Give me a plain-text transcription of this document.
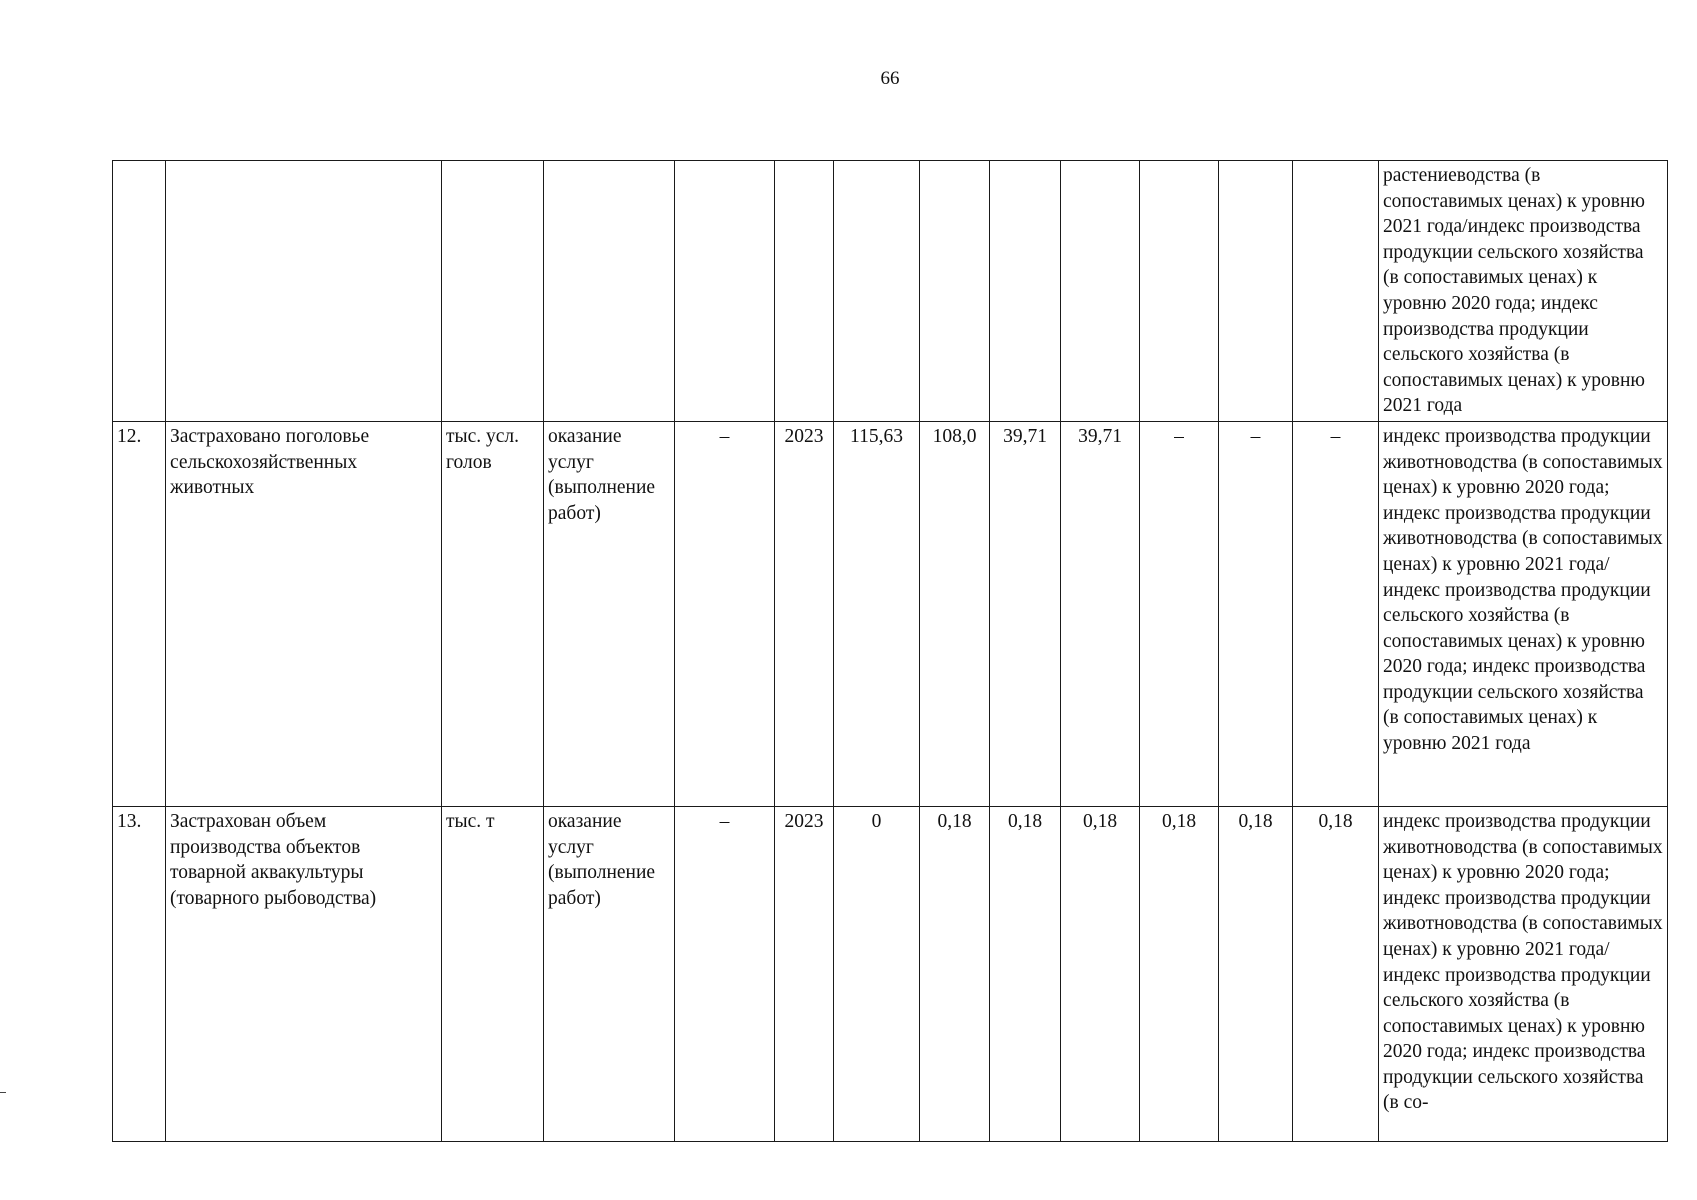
66
													растениеводства (в сопоставимых ценах) к уровню 2021 года/индекс производства продукции сельского хозяйства (в сопоставимых ценах) к уровню 2020 года; индекс производства продукции сельского хозяйства (в сопоставимых ценах) к уровню 2021 года
12.	Застраховано поголовье сельскохозяйственных животных	тыс. усл. голов	оказание услуг (выполнение работ)	–	2023	115,63	108,0	39,71	39,71	–	–	–	индекс производства продукции животноводства (в сопоставимых ценах) к уровню 2020 года; индекс производства продукции животноводства (в сопоставимых ценах) к уровню 2021 года/индекс производства продукции сельского хозяйства (в сопоставимых ценах) к уровню 2020 года; индекс производства продукции сельского хозяйства (в сопоставимых ценах) к уровню 2021 года
13.	Застрахован объем производства объектов товарной аквакультуры (товарного рыбоводства)	тыс. т	оказание услуг (выполнение работ)	–	2023	0	0,18	0,18	0,18	0,18	0,18	0,18	индекс производства продукции животноводства (в сопоставимых ценах) к уровню 2020 года; индекс производства продукции животноводства (в сопоставимых ценах) к уровню 2021 года/индекс производства продукции сельского хозяйства (в сопоставимых ценах) к уровню 2020 года; индекс производства продукции сельского хозяйства (в со-
